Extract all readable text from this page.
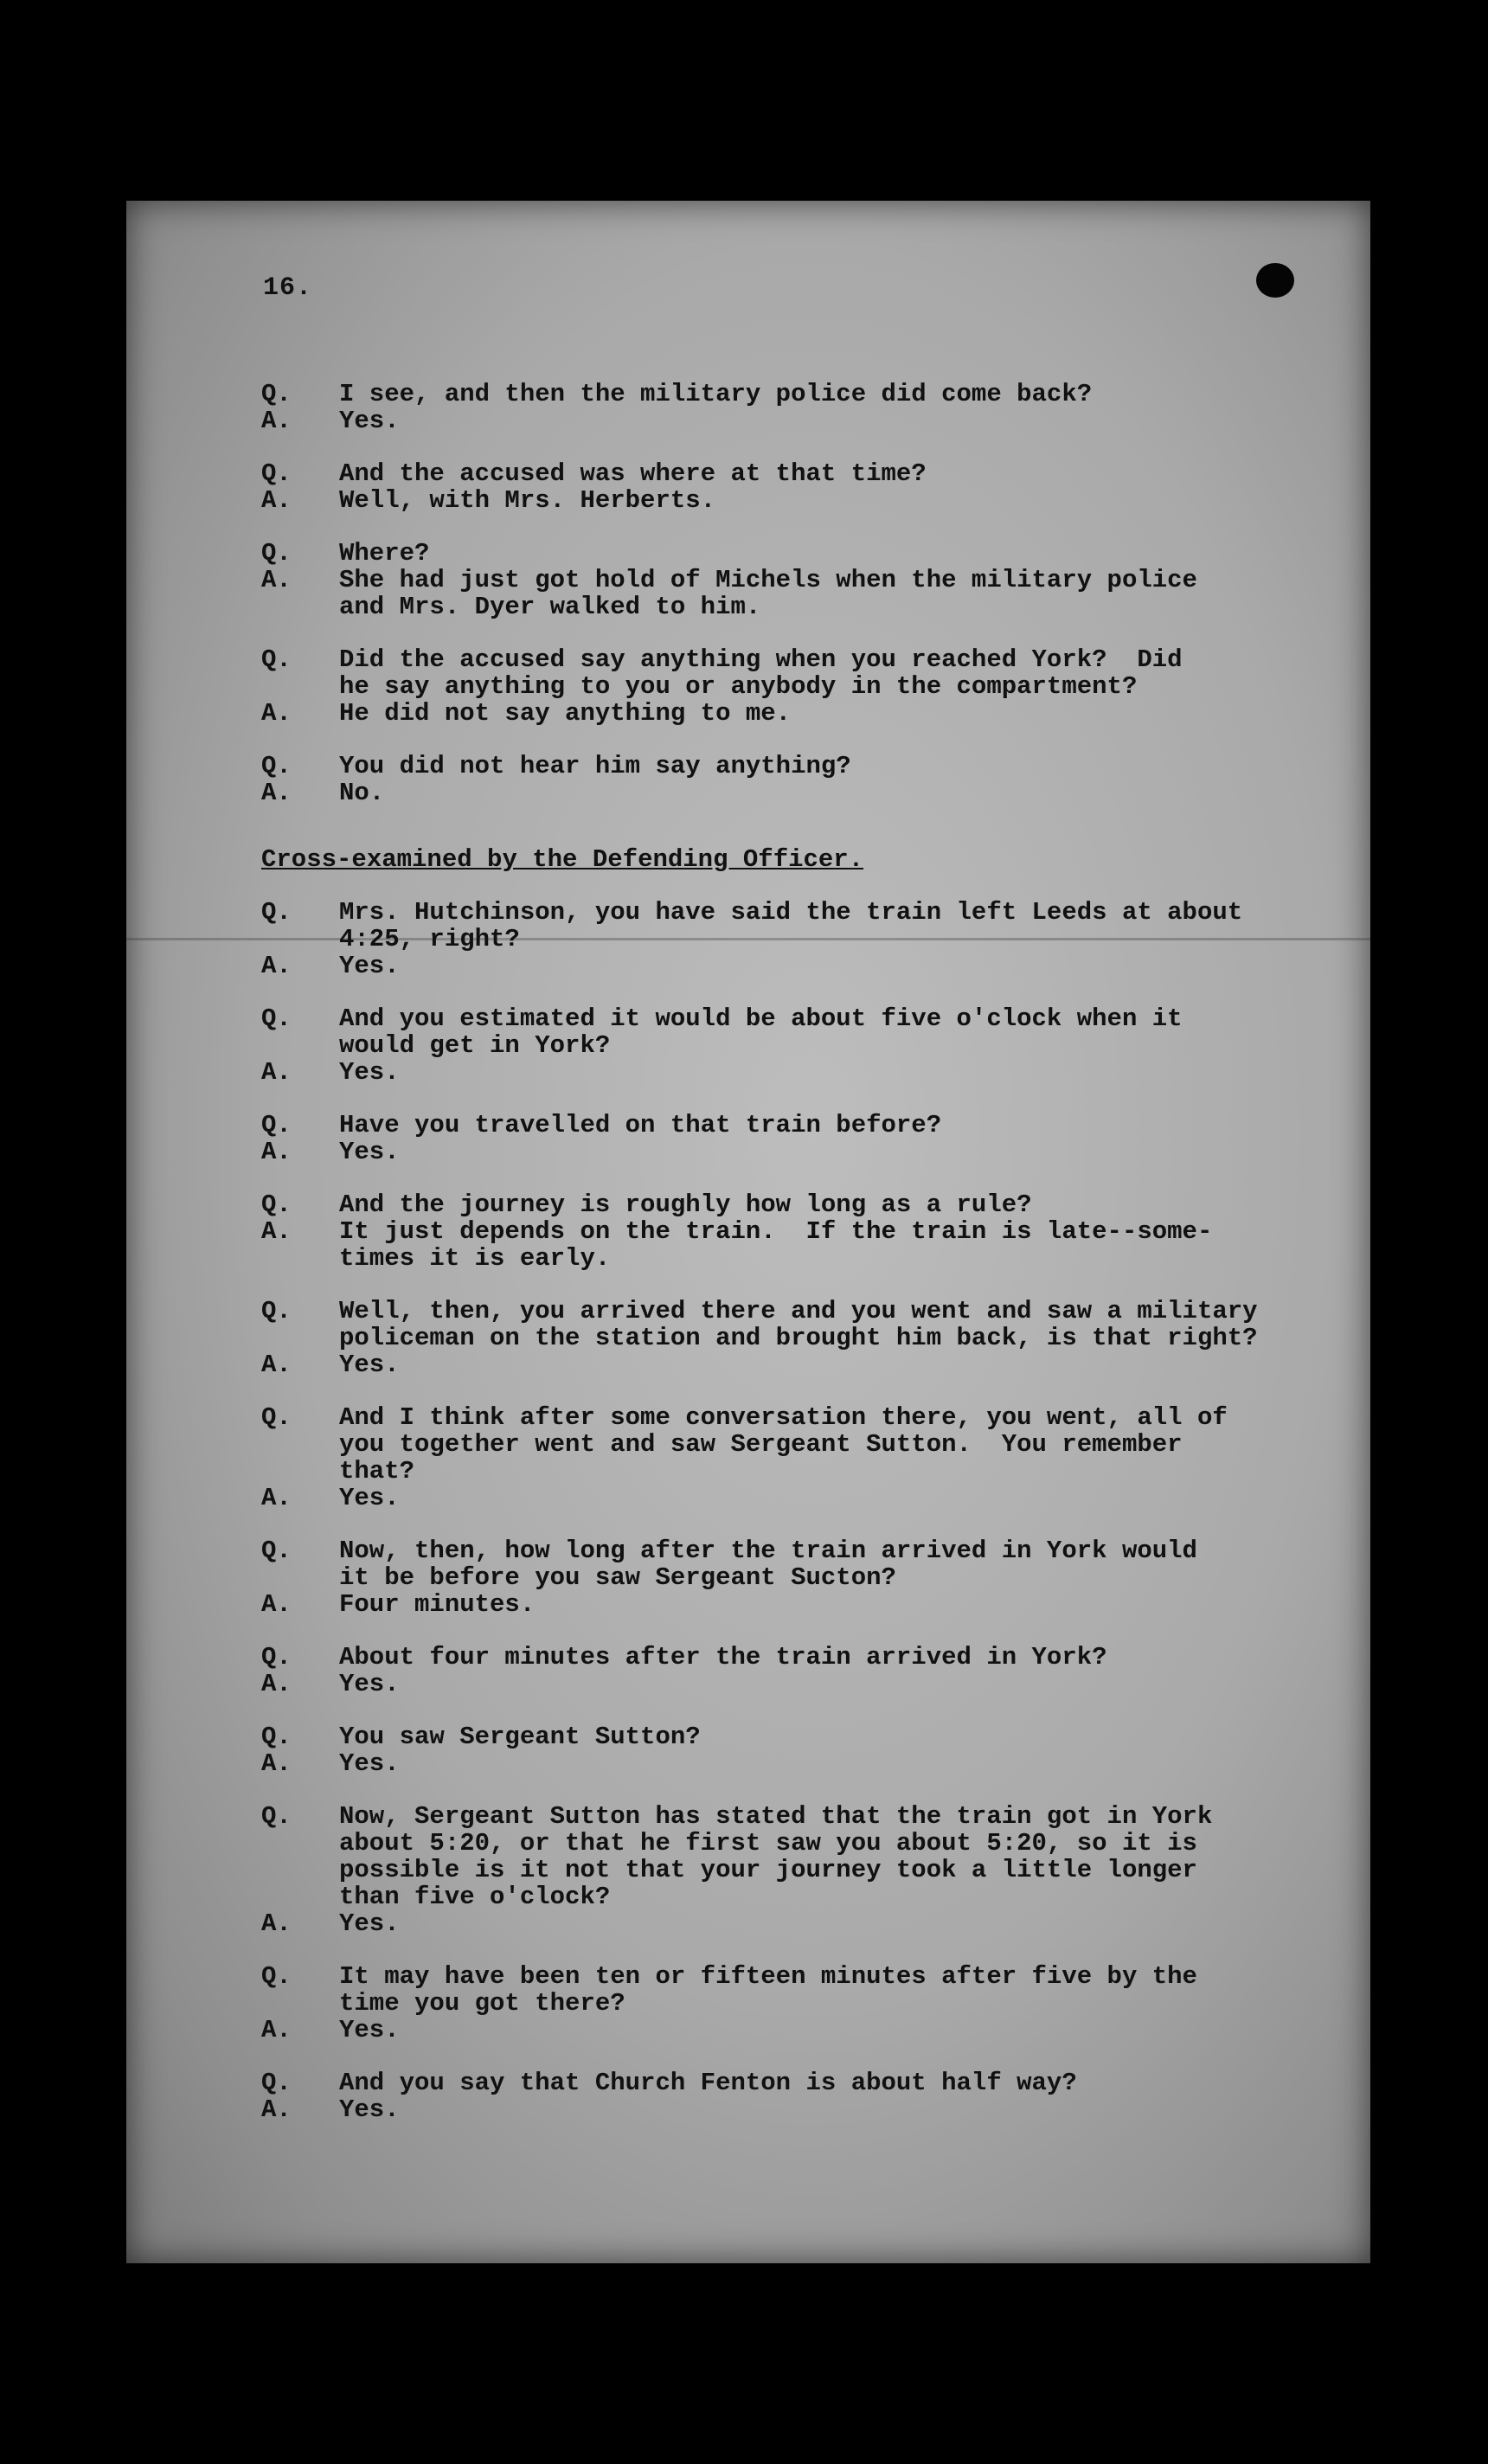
16.
Q.	I see, and then the military police did come back?
A.	Yes.
Q.	And the accused was where at that time?
A.	Well, with Mrs. Herberts.
Q.	Where?
A.	She had just got hold of Michels when the military police
and Mrs. Dyer walked to him.
Q.	Did the accused say anything when you reached York?  Did
he say anything to you or anybody in the compartment?
A.	He did not say anything to me.
Q.	You did not hear him say anything?
A.	No.
Cross-examined by the Defending Officer.
Q.	Mrs. Hutchinson, you have said the train left Leeds at about
4:25, right?
A.	Yes.
Q.	And you estimated it would be about five o'clock when it
would get in York?
A.	Yes.
Q.	Have you travelled on that train before?
A.	Yes.
Q.	And the journey is roughly how long as a rule?
A.	It just depends on the train.  If the train is late--some-
times it is early.
Q.	Well, then, you arrived there and you went and saw a military
policeman on the station and brought him back, is that right?
A.	Yes.
Q.	And I think after some conversation there, you went, all of
you together went and saw Sergeant Sutton.  You remember
that?
A.	Yes.
Q.	Now, then, how long after the train arrived in York would
it be before you saw Sergeant Sucton?
A.	Four minutes.
Q.	About four minutes after the train arrived in York?
A.	Yes.
Q.	You saw Sergeant Sutton?
A.	Yes.
Q.	Now, Sergeant Sutton has stated that the train got in York
about 5:20, or that he first saw you about 5:20, so it is
possible is it not that your journey took a little longer
than five o'clock?
A.	Yes.
Q.	It may have been ten or fifteen minutes after five by the
time you got there?
A.	Yes.
Q.	And you say that Church Fenton is about half way?
A.	Yes.
